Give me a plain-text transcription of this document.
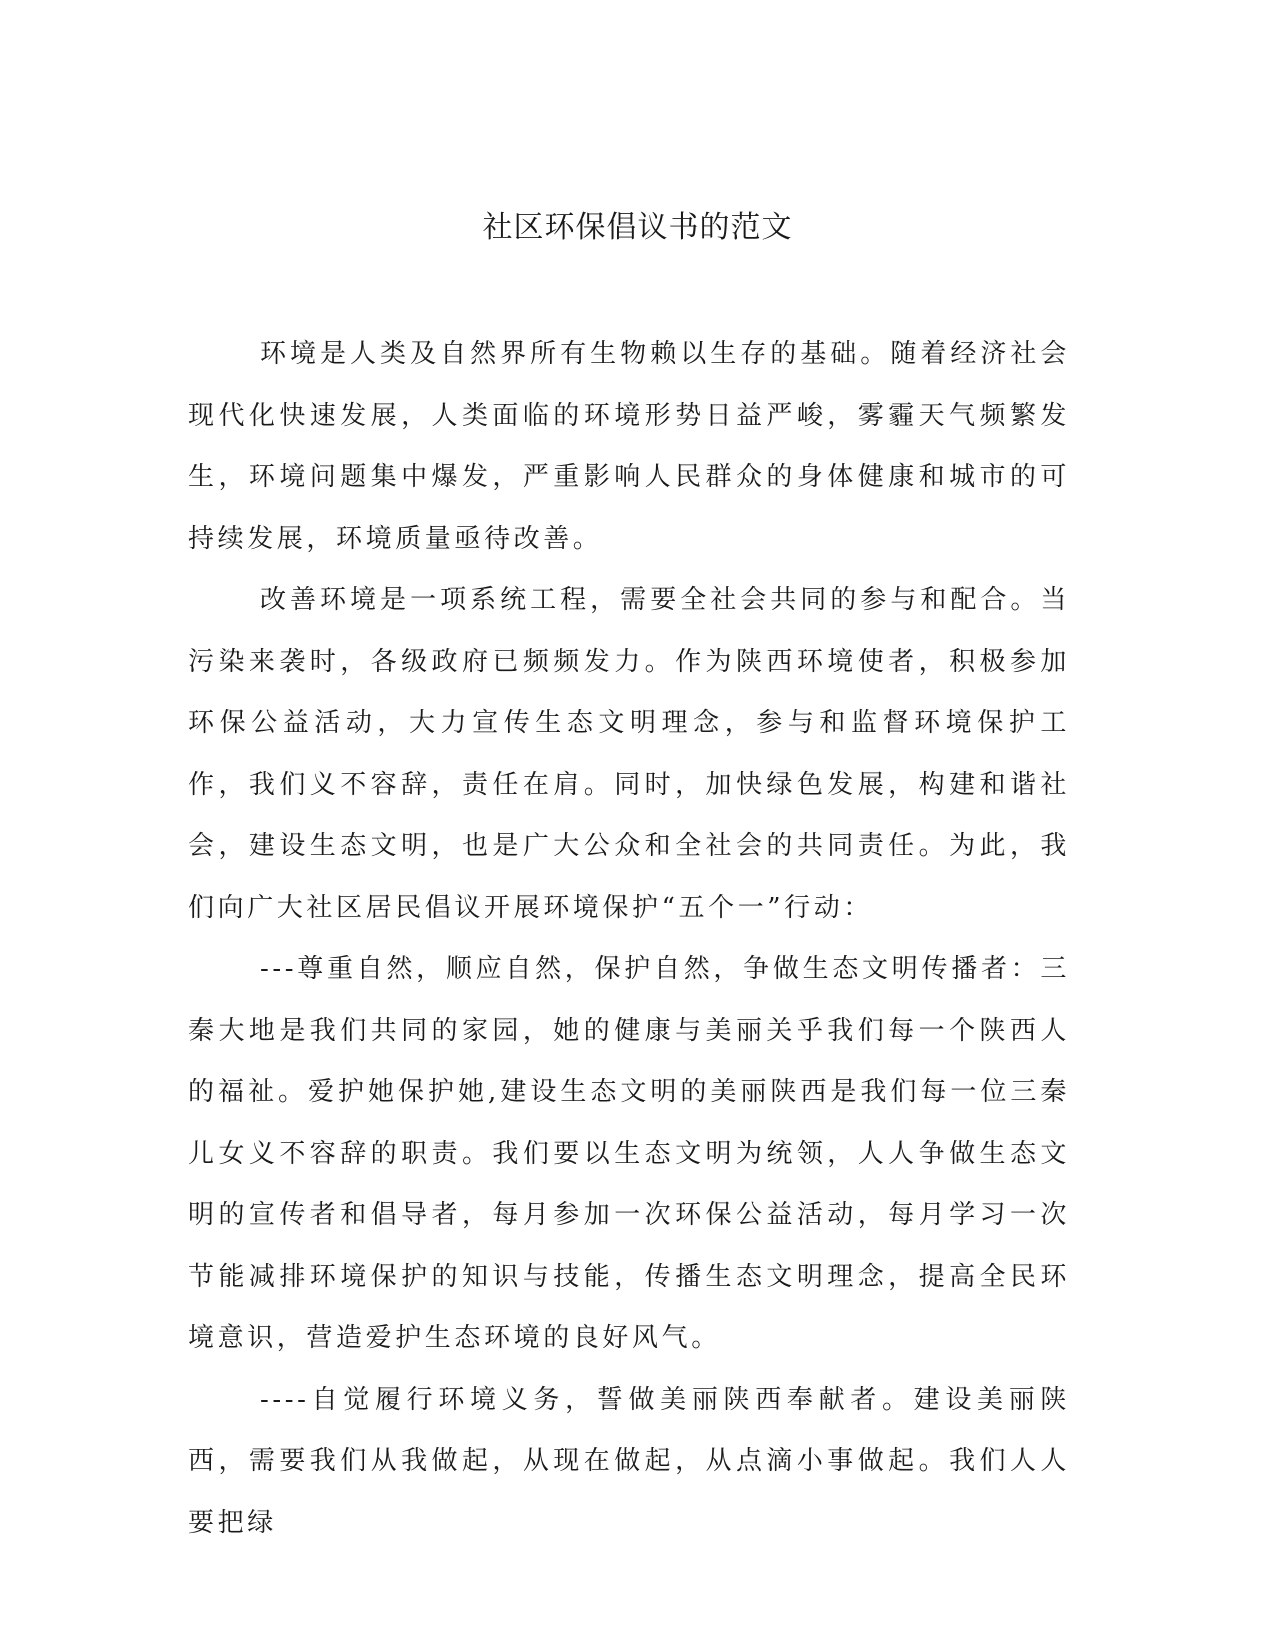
社区环保倡议书的范文

环境是人类及自然界所有生物赖以生存的基础。随着经济社会现代化快速发展，人类面临的环境形势日益严峻，雾霾天气频繁发生，环境问题集中爆发，严重影响人民群众的身体健康和城市的可持续发展，环境质量亟待改善。

改善环境是一项系统工程，需要全社会共同的参与和配合。当污染来袭时，各级政府已频频发力。作为陕西环境使者，积极参加环保公益活动，大力宣传生态文明理念，参与和监督环境保护工作，我们义不容辞，责任在肩。同时，加快绿色发展，构建和谐社会，建设生态文明，也是广大公众和全社会的共同责任。为此，我们向广大社区居民倡议开展环境保护“五个一”行动：

---尊重自然，顺应自然，保护自然，争做生态文明传播者：三秦大地是我们共同的家园，她的健康与美丽关乎我们每一个陕西人的福祉。爱护她保护她,建设生态文明的美丽陕西是我们每一位三秦儿女义不容辞的职责。我们要以生态文明为统领，人人争做生态文明的宣传者和倡导者，每月参加一次环保公益活动，每月学习一次节能减排环境保护的知识与技能，传播生态文明理念，提高全民环境意识，营造爱护生态环境的良好风气。

----自觉履行环境义务，誓做美丽陕西奉献者。建设美丽陕西，需要我们从我做起，从现在做起，从点滴小事做起。我们人人要把绿
